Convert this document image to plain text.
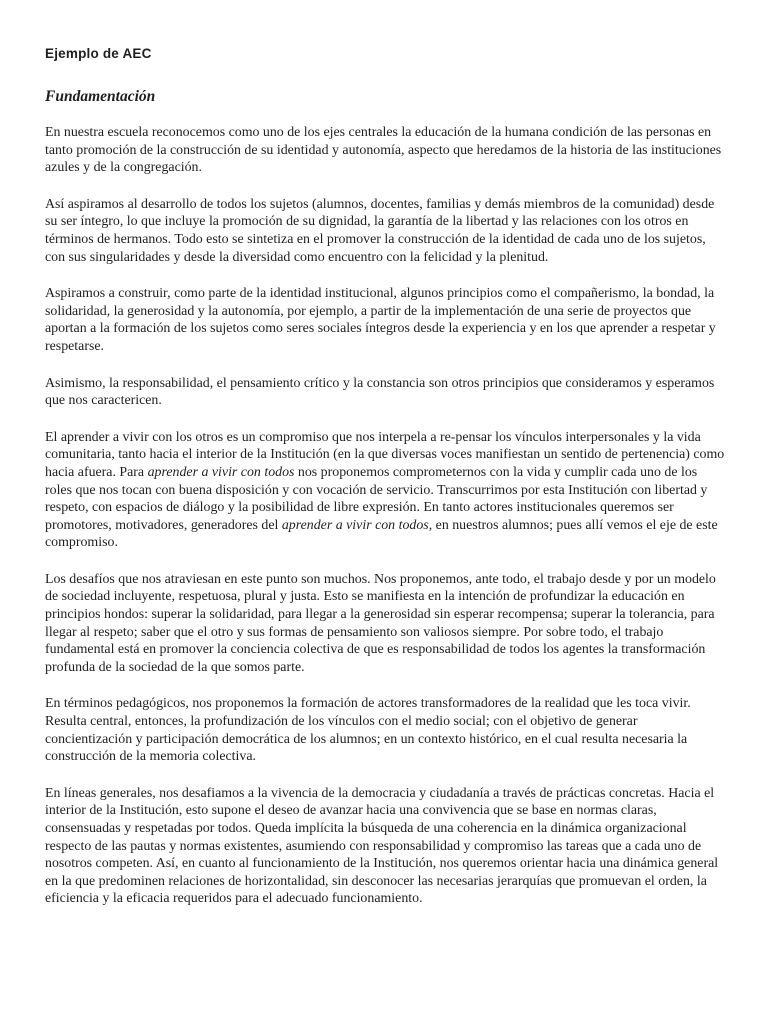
Ejemplo de AEC
Fundamentación

En nuestra escuela reconocemos como uno de los ejes centrales la educación de la humana condición de las personas en tanto promoción de la construcción de su identidad y autonomía, aspecto que heredamos de la historia de las instituciones azules y de la congregación.

Así aspiramos al desarrollo de todos los sujetos (alumnos, docentes, familias y demás miembros de la comunidad) desde su ser íntegro, lo que incluye la promoción de su dignidad, la garantía de la libertad y las relaciones con los otros en términos de hermanos. Todo esto se sintetiza en el promover la construcción de la identidad de cada uno de los sujetos, con sus singularidades y desde la diversidad como encuentro con la felicidad y la plenitud.

Aspiramos a construir, como parte de la identidad institucional, algunos principios como el compañerismo, la bondad, la solidaridad, la generosidad y la autonomía, por ejemplo, a partir de la implementación de una serie de proyectos que aportan a la formación de los sujetos como seres sociales íntegros desde la experiencia y en los que aprender a respetar y respetarse.

Asimismo, la responsabilidad, el pensamiento crítico y la constancia son otros principios que consideramos y esperamos que nos caractericen.

El aprender a vivir con los otros es un compromiso que nos interpela a re-pensar los vínculos interpersonales y la vida comunitaria, tanto hacia el interior de la Institución (en la que diversas voces manifiestan un sentido de pertenencia) como hacia afuera. Para aprender a vivir con todos nos proponemos comprometernos con la vida y cumplir cada uno de los roles que nos tocan con buena disposición y con vocación de servicio. Transcurrimos por esta Institución con libertad y respeto, con espacios de diálogo y la posibilidad de libre expresión. En tanto actores institucionales queremos ser promotores, motivadores, generadores del aprender a vivir con todos, en nuestros alumnos; pues allí vemos el eje de este compromiso.

Los desafíos que nos atraviesan en este punto son muchos. Nos proponemos, ante todo, el trabajo desde y por un modelo de sociedad incluyente, respetuosa, plural y justa. Esto se manifiesta en la intención de profundizar la educación en principios hondos: superar la solidaridad, para llegar a la generosidad sin esperar recompensa; superar la tolerancia, para llegar al respeto; saber que el otro y sus formas de pensamiento son valiosos siempre. Por sobre todo, el trabajo fundamental está en promover la conciencia colectiva de que es responsabilidad de todos los agentes la transformación profunda de la sociedad de la que somos parte.

En términos pedagógicos, nos proponemos la formación de actores transformadores de la realidad que les toca vivir. Resulta central, entonces, la profundización de los vínculos con el medio social; con el objetivo de generar concientización y participación democrática de los alumnos; en un contexto histórico, en el cual resulta necesaria la construcción de la memoria colectiva.

En líneas generales, nos desafiamos a la vivencia de la democracia y ciudadanía a través de prácticas concretas. Hacia el interior de la Institución, esto supone el deseo de avanzar hacia una convivencia que se base en normas claras, consensuadas y respetadas por todos. Queda implícita la búsqueda de una coherencia en la dinámica organizacional respecto de las pautas y normas existentes, asumiendo con responsabilidad y compromiso las tareas que a cada uno de nosotros competen. Así, en cuanto al funcionamiento de la Institución, nos queremos orientar hacia una dinámica general en la que predominen relaciones de horizontalidad, sin desconocer las necesarias jerarquías que promuevan el orden, la eficiencia y la eficacia requeridos para el adecuado funcionamiento.
